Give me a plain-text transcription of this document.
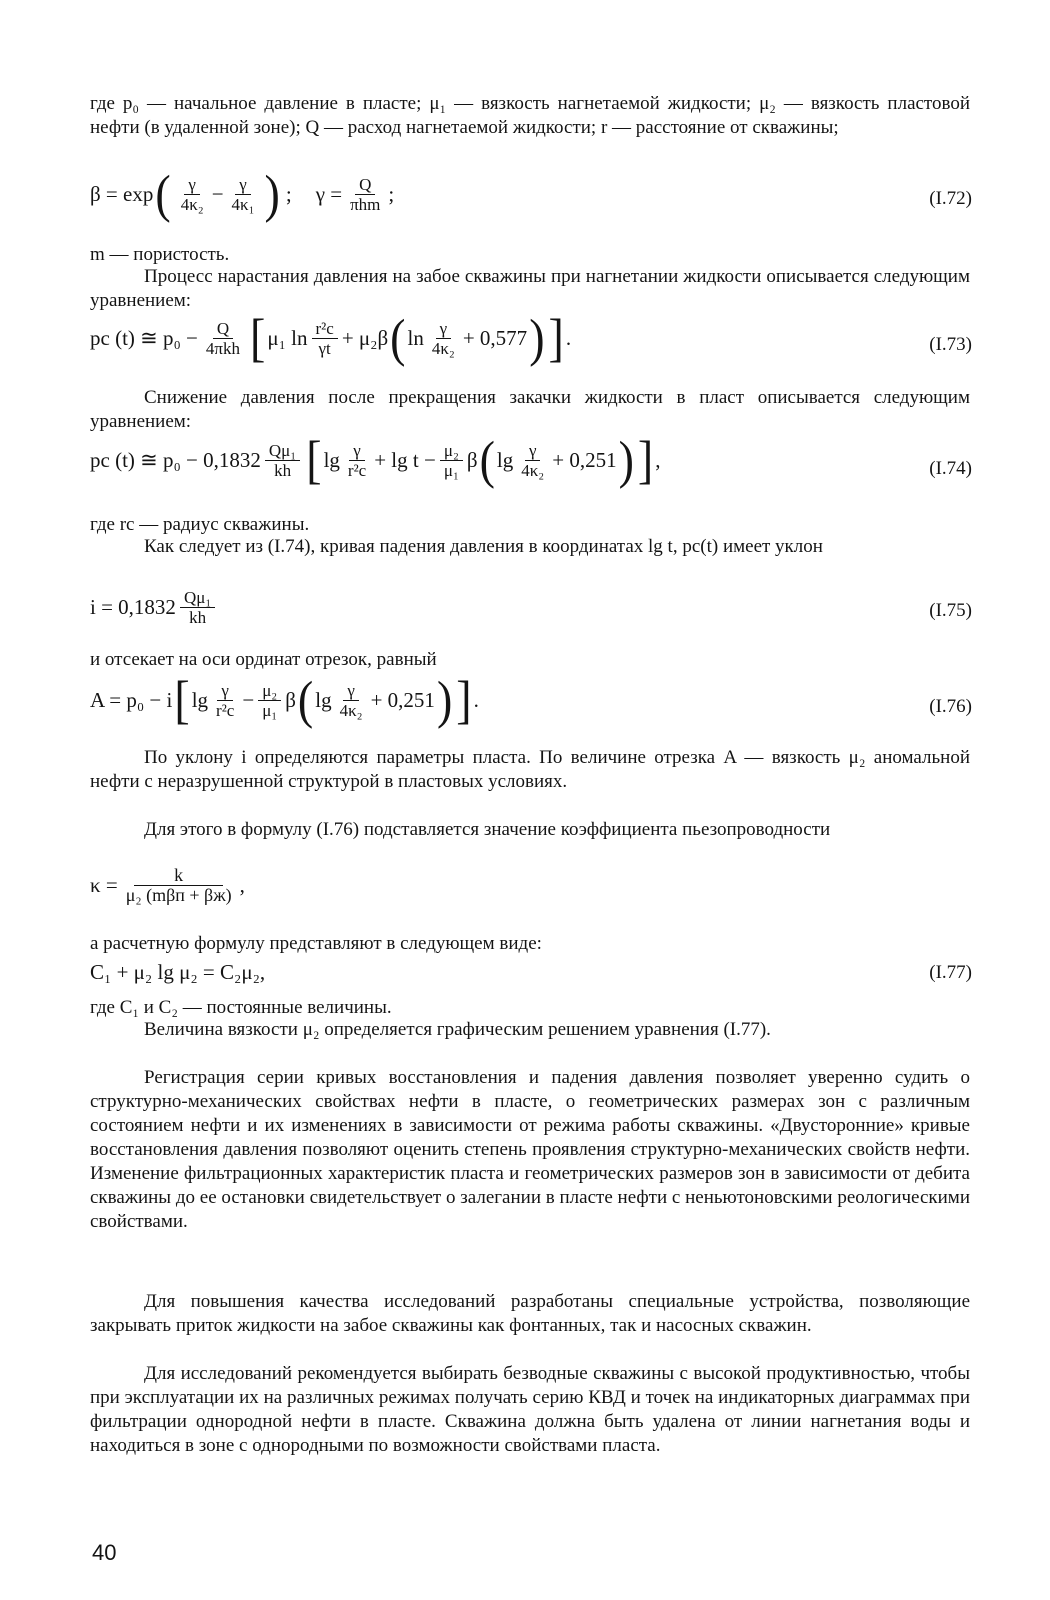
где p₀ — начальное давление в пласте; μ₁ — вязкость нагнетаемой жидкости; μ₂ — вязкость пластовой нефти (в удаленной зоне); Q — расход нагнетаемой жидкости; r — расстояние от скважины;
β = exp ( $\frac{\gamma}{\text{4κ₂}} - \frac{\gamma}{\text{4κ₁}}$ ) ; $\gamma = \frac{Q}{\text{πhm}}$ ;	(I.72)
m — пористость.
Процесс нарастания давления на забое скважины при нагнетании жидкости описывается следующим уравнением:
pс (t) ≅ $p_0 - \frac{Q}{\text{4πkh}}$ [ μ₁ $\ln \frac{\text{r²с}}{\gamma t} + \mu_2\beta$ ( $\ln \frac{\gamma}{\text{4κ₂}} + 0,577$ ) ] .	(I.73)
Снижение давления после прекращения закачки жидкости в пласт описывается следующим уравнением:
pс (t) ≅ $p_0 - 0,1832 \frac{\text{Qμ₁}}{kh}$ [ $\lg \frac{\gamma}{\text{r²с}} + \lg t - \frac{\text{μ₂}}{\text{μ₁}}$ β ( $\lg \frac{\gamma}{\text{4κ₂}} + 0,251$ ) ] ,	(I.74)
где rс — радиус скважины.
Как следует из (I.74), кривая падения давления в координатах lg t, pс(t) имеет уклон
$i = 0,1832 \frac{\text{Qμ₁}}{kh}$	(I.75)
и отсекает на оси ординат отрезок, равный
A = p₀ − i [ $\lg \frac{\gamma}{\text{r²с}} - \frac{\text{μ₂}}{\text{μ₁}}$ β ( $\lg \frac{\gamma}{\text{4κ₂}} + 0,251$ ) ] .	(I.76)
По уклону i определяются параметры пласта. По величине отрезка A — вязкость μ₂ аномальной нефти с неразрушенной структурой в пластовых условиях.
Для этого в формулу (I.76) подставляется значение коэффициента пьезопроводности
$\kappa = \frac{k}{\text{μ₂ (mβп + βж)}}$ ,
а расчетную формулу представляют в следующем виде:
C₁ + μ₂ lg μ₂ = C₂μ₂,	(I.77)
где C₁ и C₂ — постоянные величины.
Величина вязкости μ₂ определяется графическим решением уравнения (I.77).
Регистрация серии кривых восстановления и падения давления позволяет уверенно судить о структурно-механических свойствах нефти в пласте, о геометрических размерах зон с различным состоянием нефти и их изменениях в зависимости от режима работы скважины. «Двусторонние» кривые восстановления давления позволяют оценить степень проявления структурно-механических свойств нефти. Изменение фильтрационных характеристик пласта и геометрических размеров зон в зависимости от дебита скважины до ее остановки свидетельствует о залегании в пласте нефти с неньютоновскими реологическими свойствами.
Для повышения качества исследований разработаны специальные устройства, позволяющие закрывать приток жидкости на забое скважины как фонтанных, так и насосных скважин.
Для исследований рекомендуется выбирать безводные скважины с высокой продуктивностью, чтобы при эксплуатации их на различных режимах получать серию КВД и точек на индикаторных диаграммах при фильтрации однородной нефти в пласте. Скважина должна быть удалена от линии нагнетания воды и находиться в зоне с однородными по возможности свойствами пласта.
40
